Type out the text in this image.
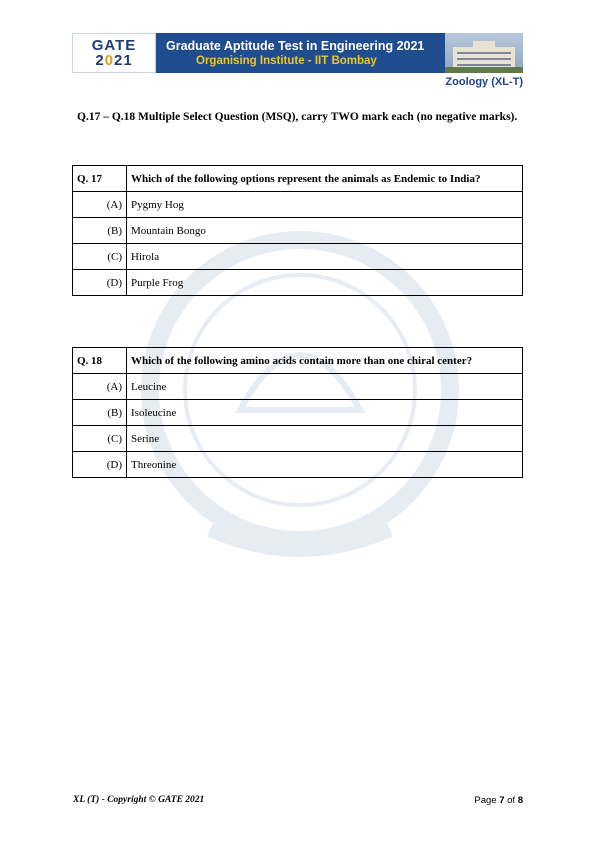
GATE
2021
Graduate Aptitude Test in Engineering 2021
Organising Institute - IIT Bombay
Zoology (XL-T)
Q.17 – Q.18 Multiple Select Question (MSQ), carry TWO mark each (no negative marks).
Q. 17	Which of the following options represent the animals as Endemic to India?
(A)	Pygmy Hog
(B)	Mountain Bongo
(C)	Hirola
(D)	Purple Frog
Q. 18	Which of the following amino acids contain more than one chiral center?
(A)	Leucine
(B)	Isoleucine
(C)	Serine
(D)	Threonine
XL (T) - Copyright © GATE 2021	Page 7 of 8
